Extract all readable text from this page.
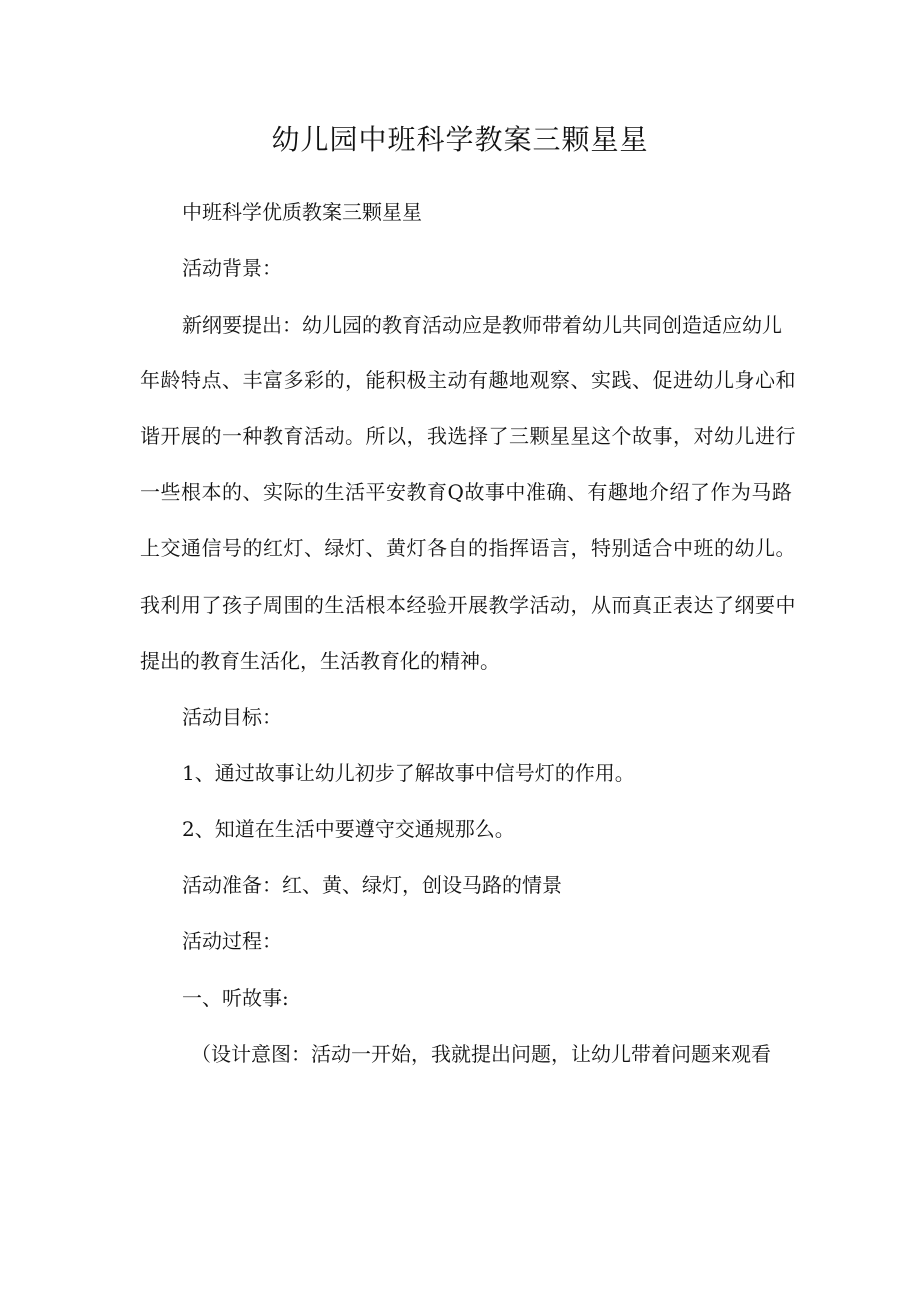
幼儿园中班科学教案三颗星星
中班科学优质教案三颗星星
活动背景：
新纲要提出：幼儿园的教育活动应是教师带着幼儿共同创造适应幼儿
年龄特点、丰富多彩的，能积极主动有趣地观察、实践、促进幼儿身心和
谐开展的一种教育活动。所以，我选择了三颗星星这个故事，对幼儿进行
一些根本的、实际的生活平安教育Q故事中准确、有趣地介绍了作为马路
上交通信号的红灯、绿灯、黄灯各自的指挥语言，特别适合中班的幼儿。
我利用了孩子周围的生活根本经验开展教学活动，从而真正表达了纲要中
提出的教育生活化，生活教育化的精神。
活动目标：
1、通过故事让幼儿初步了解故事中信号灯的作用。
2、知道在生活中要遵守交通规那么。
活动准备：红、黄、绿灯，创设马路的情景
活动过程：
一、听故事:
（设计意图：活动一开始，我就提出问题，让幼儿带着问题来观看
